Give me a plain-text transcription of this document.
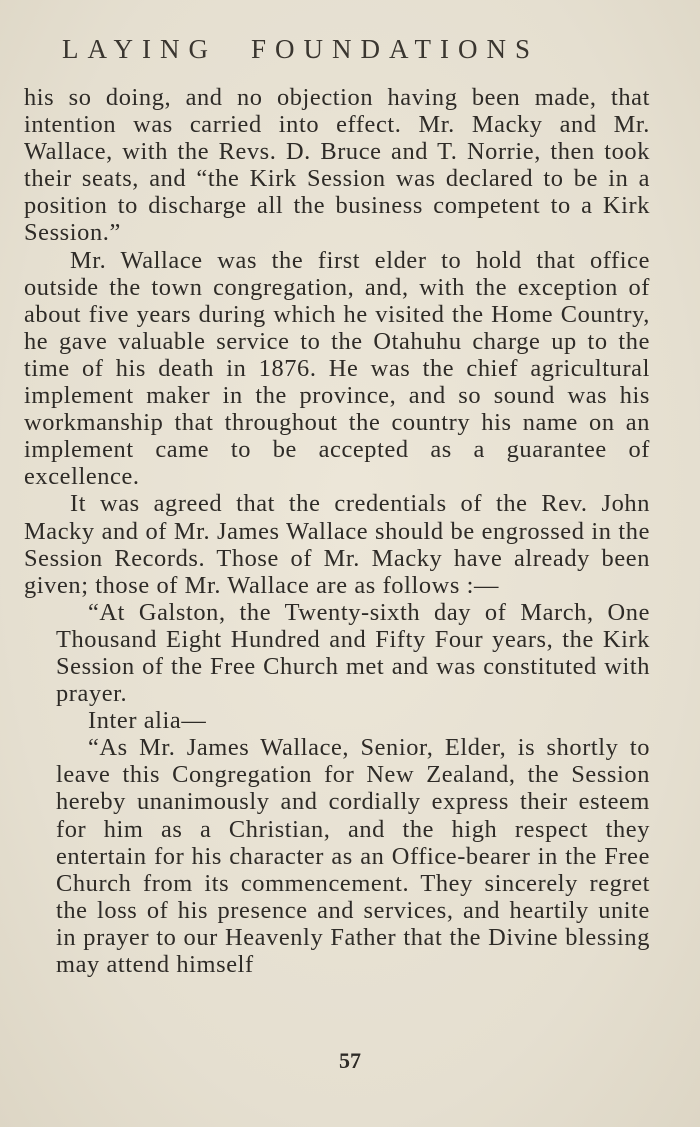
LAYING FOUNDATIONS

his so doing, and no objection having been made, that intention was carried into effect. Mr. Macky and Mr. Wallace, with the Revs. D. Bruce and T. Norrie, then took their seats, and “the Kirk Session was declared to be in a position to discharge all the business competent to a Kirk Session.”

Mr. Wallace was the first elder to hold that office outside the town congregation, and, with the exception of about five years during which he visited the Home Country, he gave valuable service to the Otahuhu charge up to the time of his death in 1876. He was the chief agricultural implement maker in the province, and so sound was his workmanship that throughout the country his name on an implement came to be accepted as a guarantee of excellence.

It was agreed that the credentials of the Rev. John Macky and of Mr. James Wallace should be engrossed in the Session Records. Those of Mr. Macky have already been given; those of Mr. Wallace are as follows :—

“At Galston, the Twenty-sixth day of March, One Thousand Eight Hundred and Fifty Four years, the Kirk Session of the Free Church met and was constituted with prayer.

Inter alia—

“As Mr. James Wallace, Senior, Elder, is shortly to leave this Congregation for New Zealand, the Session hereby unanimously and cordially express their esteem for him as a Christian, and the high respect they entertain for his character as an Office-bearer in the Free Church from its commencement. They sincerely regret the loss of his presence and services, and heartily unite in prayer to our Heavenly Father that the Divine blessing may attend himself

57
